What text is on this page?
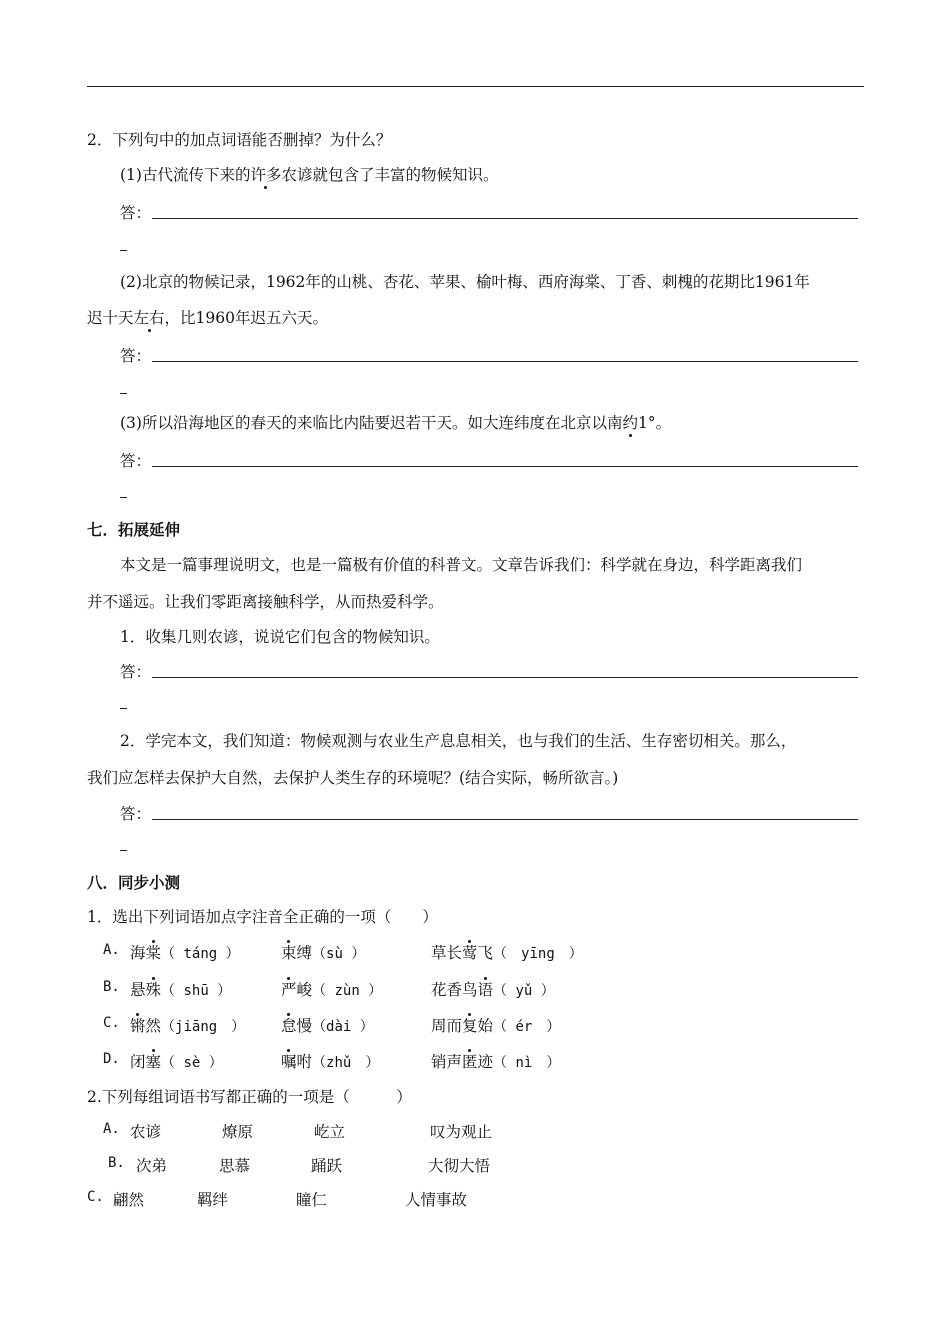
2．下列句中的加点词语能否删掉？为什么？
(1)古代流传下来的许多农谚就包含了丰富的物候知识。
答：
(2)北京的物候记录，1962年的山桃、杏花、苹果、榆叶梅、西府海棠、丁香、刺槐的花期比1961年
迟十天左右，比1960年迟五六天。
答：
(3)所以沿海地区的春天的来临比内陆要迟若干天。如大连纬度在北京以南约1°。
答：
七．拓展延伸
本文是一篇事理说明文，也是一篇极有价值的科普文。文章告诉我们：科学就在身边，科学距离我们
并不遥远。让我们零距离接触科学，从而热爱科学。
1．收集几则农谚，说说它们包含的物候知识。
答：
2．学完本文，我们知道：物候观测与农业生产息息相关，也与我们的生活、生存密切相关。那么，
我们应怎样去保护大自然，去保护人类生存的环境呢？(结合实际，畅所欲言。)
答：
八．同步小测
1．选出下列词语加点字注音全正确的一项（　　）
A. 海棠（ táng ）	束缚（sù ）	草长莺飞（　yīng　）
B. 悬殊（ shū ）	严峻（ zùn ）	花香鸟语（ yǔ ）
C. 锵然（jiāng　） 怠慢（dài ）	周而复始（ ér　）
D. 闭塞（ sè ）	嘱咐（zhǔ　）	销声匿迹（ nì　）
2.下列每组词语书写都正确的一项是（　　　）
A. 农谚	燎原	屹立	叹为观止
B. 次弟	思慕	踊跃	大彻大悟
C. 翩然	羁绊	瞳仁	人情事故
